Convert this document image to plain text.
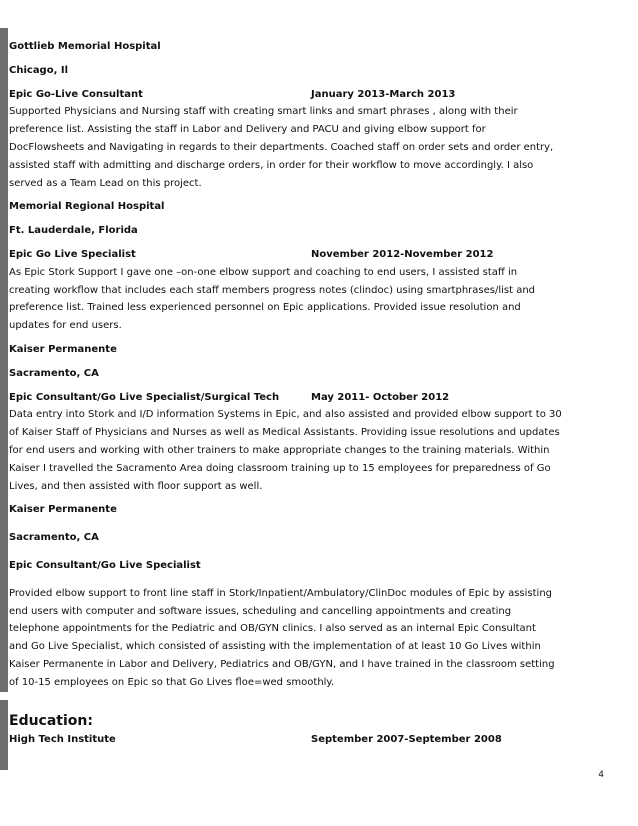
Gottlieb Memorial Hospital
Chicago, Il
Epic Go-Live Consultant	January 2013-March 2013

Supported Physicians and Nursing staff with creating smart links and smart phrases , along with their

preference list. Assisting the staff in Labor and Delivery and PACU and giving elbow support for

DocFlowsheets and Navigating in regards to their departments. Coached staff on order sets and order entry,

assisted staff with admitting and discharge orders, in order for their workflow to move accordingly. I also

served as a Team Lead on this project.

Memorial Regional Hospital
Ft. Lauderdale, Florida
Epic Go Live Specialist	November 2012-November 2012

As Epic Stork Support I gave one –on-one elbow support and coaching to end users, I assisted staff in

creating workflow that includes each staff members progress notes (clindoc) using smartphrases/list and

preference list. Trained less experienced personnel on Epic applications. Provided issue resolution and

updates for end users.

Kaiser Permanente
Sacramento, CA
Epic Consultant/Go Live Specialist/Surgical Tech	May 2011- October 2012

Data entry into Stork and I/D information Systems in Epic, and also assisted and provided elbow support to 30

of Kaiser Staff of Physicians and Nurses as well as Medical Assistants. Providing issue resolutions and updates

for end users and working with other trainers to make appropriate changes to the training materials. Within

Kaiser I travelled the Sacramento Area doing classroom training up to 15 employees for preparedness of Go

Lives, and then assisted with floor support as well.

Kaiser Permanente
Sacramento, CA
Epic Consultant/Go Live Specialist

Provided elbow support to front line staff in Stork/Inpatient/Ambulatory/ClinDoc modules of Epic by assisting

end users with computer and software issues, scheduling and cancelling appointments and creating

telephone appointments for the Pediatric and OB/GYN clinics. I also served as an internal Epic Consultant

and Go Live Specialist, which consisted of assisting with the implementation of at least 10 Go Lives within

Kaiser Permanente in Labor and Delivery, Pediatrics and OB/GYN, and I have trained in the classroom setting

of 10-15 employees on Epic so that Go Lives floe=wed smoothly.

Education:
High Tech Institute	September 2007-September 2008
4
